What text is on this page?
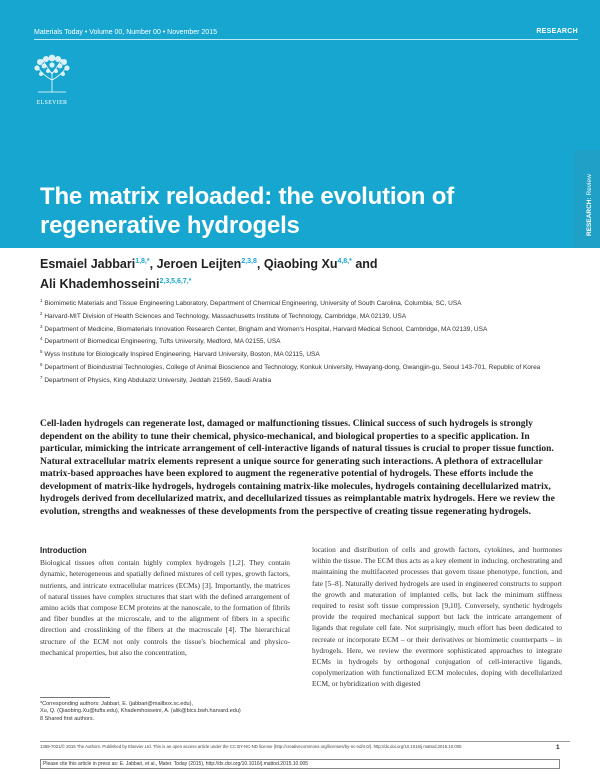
Materials Today • Volume 00, Number 00 • November 2015	RESEARCH
ELSEVIER
RESEARCH: Review
The matrix reloaded: the evolution of regenerative hydrogels
Esmaiel Jabbari$^{1,8,*}$, Jeroen Leijten$^{2,3,8}$, Qiaobing $Xu^{4,8,*}$ and
Ali Khademhosseini$^{2,3,5,6,7,*}$
$^1$ Biomimetic Materials and Tissue Engineering Laboratory, Department of Chemical Engineering, University of South Carolina, Columbia, SC, USA
$^2$ Harvard-MIT Division of Health Sciences and Technology, Massachusetts Institute of Technology, Cambridge, MA 02139, USA
$^3$ Department of Medicine, Biomaterials Innovation Research Center, Brigham and Women's Hospital, Harvard Medical School, Cambridge, MA 02139, USA
$^4$ Department of Biomedical Engineering, Tufts University, Medford, MA 02155, USA
$^5$ Wyss Institute for Biologically Inspired Engineering, Harvard University, Boston, MA 02115, USA
$^6$ Department of Bioindustrial Technologies, College of Animal Bioscience and Technology, Konkuk University, Hwayang-dong, Gwangjin-gu, Seoul 143-701, Republic of Korea
$^7$ Department of Physics, King Abdulaziz University, Jeddah 21569, Saudi Arabia
Cell-laden hydrogels can regenerate lost, damaged or malfunctioning tissues. Clinical success of such hydrogels is strongly dependent on the ability to tune their chemical, physico-mechanical, and biological properties to a specific application. In particular, mimicking the intricate arrangement of cell-interactive ligands of natural tissues is crucial to proper tissue function. Natural extracellular matrix elements represent a unique source for generating such interactions. A plethora of extracellular matrix-based approaches have been explored to augment the regenerative potential of hydrogels. These efforts include the development of matrix-like hydrogels, hydrogels containing matrix-like molecules, hydrogels containing decellularized matrix, hydrogels derived from decellularized matrix, and decellularized tissues as reimplantable matrix hydrogels. Here we review the evolution, strengths and weaknesses of these developments from the perspective of creating tissue regenerating hydrogels.
Introduction
Biological tissues often contain highly complex hydrogels [1,2]. They contain dynamic, heterogeneous and spatially defined mixtures of cell types, growth factors, nutrients, and intricate extracellular matrices (ECMs) [3]. Importantly, the matrices of natural tissues have complex structures that start with the defined arrangement of amino acids that compose ECM proteins at the nanoscale, to the formation of fibrils and fiber bundles at the microscale, and to the alignment of fibers in a specific direction and crosslinking of the fibers at the macroscale [4]. The hierarchical structure of the ECM not only controls the tissue's biochemical and physico-mechanical properties, but also the concentration,
location and distribution of cells and growth factors, cytokines, and hormones within the tissue. The ECM thus acts as a key element in inducing, orchestrating and maintaining the multifaceted processes that govern tissue phenotype, function, and fate [5–8]. Naturally derived hydrogels are used in engineered constructs to support the growth and maturation of implanted cells, but lack the minimum stiffness required to resist soft tissue compression [9,10]. Conversely, synthetic hydrogels provide the required mechanical support but lack the intricate arrangement of ligands that regulate cell fate. Not surprisingly, much effort has been dedicated to recreate or incorporate ECM – or their derivatives or biomimetic counterparts – in hydrogels. Here, we review the evermore sophisticated approaches to integrate ECMs in hydrogels by orthogonal conjugation of cell-interactive ligands, copolymerization with functionalized ECM molecules, doping with decellularized ECM, or hybridization with digested
*Corresponding authors: Jabbari, E. (jabbari@mailbox.sc.edu),
Xu, Q. (Qiaobing.Xu@tufts.edu), Khademhosseini, A. (alik@bics.bwh.harvard.edu)
8 Shared first authors.
1369-7021/© 2015 The Authors. Published by Elsevier Ltd. This is an open access article under the CC BY-NC-ND license (http://creativecommons.org/licenses/by-nc-nd/4.0/). http://dx.doi.org/10.1016/j.mattod.2015.10.005	1
Please cite this article in press as: E. Jabbari, et al., Mater. Today (2015), http://dx.doi.org/10.1016/j.mattod.2015.10.005
